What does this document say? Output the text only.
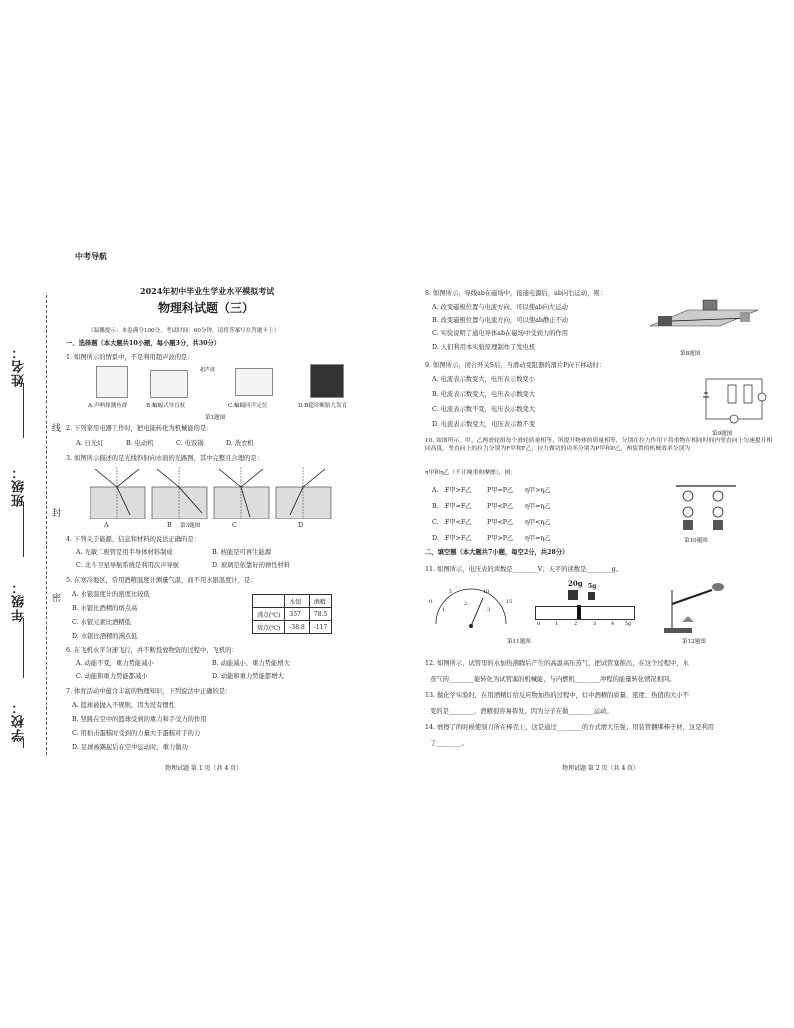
中考导航
姓名：
班级：
年级：
学校：
线
封
密
2024年初中毕业生学业水平模拟考试
物理科试题（三）
（温馨提示：本卷满分100分，考试时间：60分钟，请将答案写在答题卡上）
一、选择题（本大题共10小题，每小题3分，共30分）
1. 如图所示的情景中，不是利用超声波的是：
超声波
A.声呐探测鱼群	B.蝙蝠式导盲杖	C.蝙蝠回声定位	D.B超诊断胎儿发育
第1题图
2. 下列家用电器工作时，把电能转化为机械能的是：
A. 日光灯	B. 电动机	C. 电饭锅	D. 洗衣机
3. 如图所示描述的是光线斜射向水面的光路图，其中完整且合理的是：
A	B 第3题图	C	D
4. 下列关于能源、信息和材料的说法正确的是：
A. 光敏二极管是用半导体材料制成	B. 核能是可再生能源
C. 北斗卫星导航系统是利用次声导航	D. 玻璃是依靠好的弹性材料
5. 在寒冷地区，常用酒精温度计测量气温，而不用水银温度计，是：
A. 水银温度计的密度比较低
B. 水银比酒精的熔点高
C. 水银元素比酒精低
D. 水银比酒精的沸点低
	水银	酒精
沸点(℃)	357	78.5
熔点(℃)	-38.8	-117
6. 在飞机水平匀速飞行，并不断投放物资的过程中，飞机的：
A. 动能不变，重力势能减小	B. 动能减小，重力势能增大
C. 动能和重力势能都减小	D. 动能和重力势能都增大
7. 体育活动中蕴含丰富的物理知识，下列说法中正确的是：
A. 篮球被抛入不规则，因为没有惯性
B. 竖跳在空中的篮球受到的重力和手受力的作用
C. 用拍击蛋糕时受到的力量大于蛋糕对手的力
D. 足球被踢起后在空中运动时，重力做功
物理试题 第 1 页（共 4 页）
8. 如图所示，导线ab在磁场中，接通电源后，ab向右运动，则：
A. 改变磁极位置与电流方向，可以使ab向左运动
B. 改变磁极位置与电流方向，可以使ab静止不动
C. 实验说明了通电导体ab在磁场中受到力的作用
D. 人们利用本实验原理制作了发电机
第8题图
9. 如图所示，闭合开关S后，当滑动变阻器的滑片P向下移动时：
A. 电流表示数变大，电压表示数变小
B. 电流表示数变大，电压表示数变大
C. 电流表示数不变，电压表示数变大
D. 电流表示数变大，电压表示数不变
第9题图
10. 如图所示，甲、乙两滑轮组每个滑轮质量相等，所提升物体的质量相等，分别在拉力作用下将重物在相同时间内竖直向上匀速提升相同高度，竖直向上的拉力分别为F甲和F乙，拉力做功的功率分别为P甲和P乙，两装置的机械效率分别为
η甲和η乙（不计绳重和摩擦），则：
A. F甲>F乙 P甲=P乙 η甲>η乙
B. F甲=F乙 P甲<P乙 η甲=η乙
C. F甲<F乙 P甲<P乙 η甲<η乙
D. F甲>F乙 P甲>P乙 η甲=η乙	第10题图
二、填空题（本大题共7小题，每空2分，共28分）
11. 如图所示，电压表的读数是________V；天平的读数是________g。
0
5	10
15
1
2
3
20g 5g
0	1	2	3	4 5g
第11题图	第12题图
12. 如图所示，试管里的水加热沸腾后产生的高温高压蒸气，把试管塞推出，在这个过程中，水
蒸气的________能转化为试管塞的机械能，与内燃机________冲程的能量转化情况相同。
13. 做化学实验时，在用酒精灯给反应物加热的过程中，灯中酒精的质量、密度、热值的大小不
变的是________，酒精很容易挥发，因为分子在做________运动。
14. 磨擦了的时候使刻刀所在棒壳上，这是通过________的方式增大压强；用装管捆绑棒子材，这是利用
了________。
物理试题 第 2 页（共 4 页）
